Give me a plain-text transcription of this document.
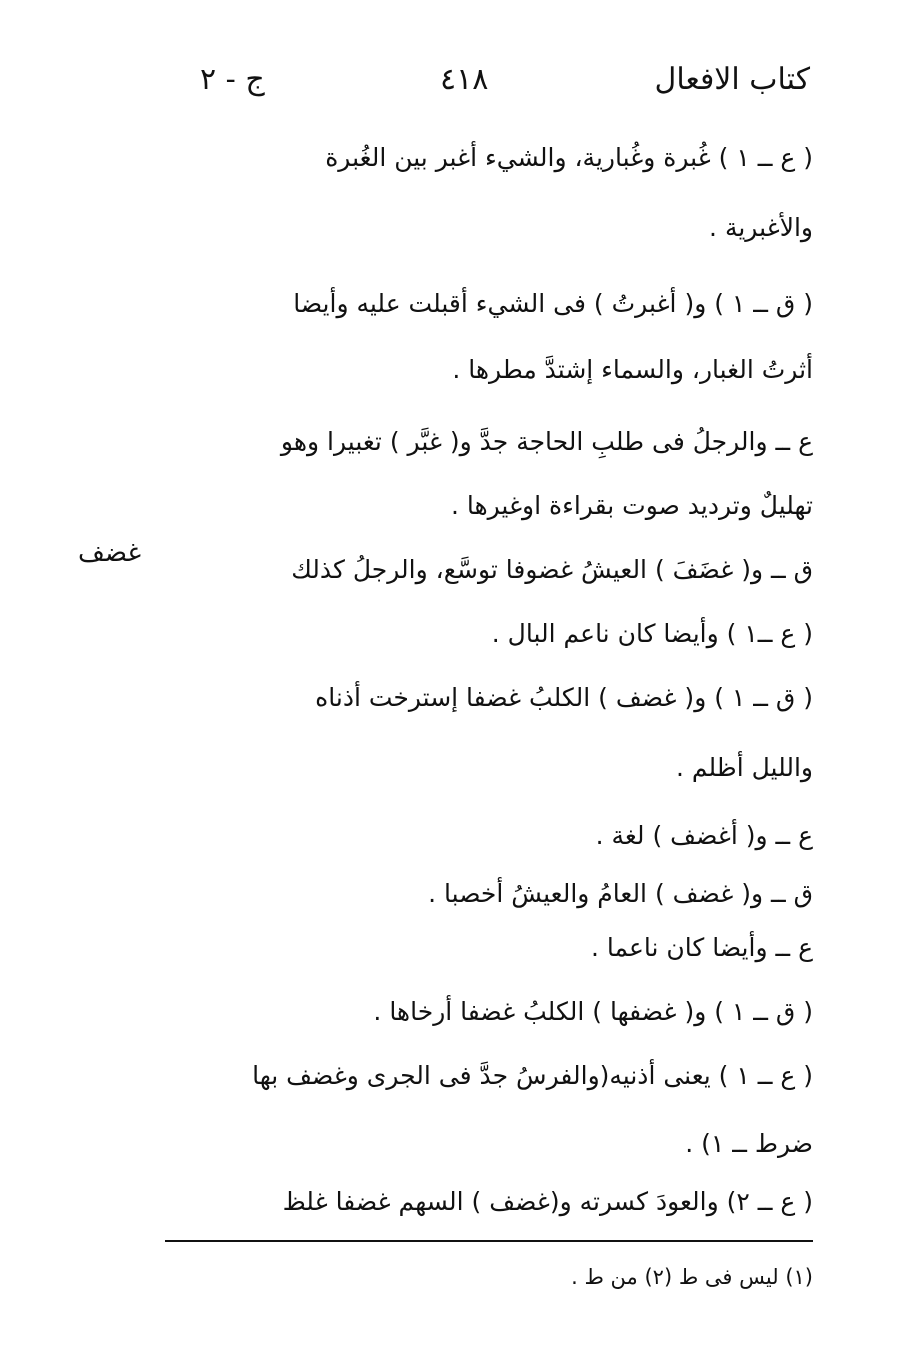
كتاب الافعال
٤١٨
ج - ٢
غضف
( ع ــ ١ ) غُبرة وغُبارية، والشيء أغبر بين الغُبرة
والأغبرية .
( ق ــ ١ ) و( أغبرتُ ) فى الشيء أقبلت عليه وأيضا
أثرتُ الغبار، والسماء إشتدَّ مطرها .
ع ــ والرجلُ فى طلبِ الحاجة جدَّ و( غبَّر ) تغبيرا وهو
تهليلٌ وترديد صوت بقراءة اوغيرها .
ق ــ و( غضَفَ ) العيشُ غضوفا توسَّع، والرجلُ كذلك
( ع ــ١ ) وأيضا كان ناعم البال .
( ق ــ ١ ) و( غضف ) الكلبُ غضفا إسترخت أذناه
والليل أظلم .
ع ــ و( أغضف ) لغة .
ق ــ و( غضف ) العامُ والعيشُ أخصبا .
ع ــ وأيضا كان ناعما .
( ق ــ ١ ) و( غضفها ) الكلبُ غضفا أرخاها .
( ع ــ ١ ) يعنى أذنيه(والفرسُ جدَّ فى الجرى وغضف بها
ضرط ــ ١) .
( ع ــ ٢) والعودَ كسرته و(غضف ) السهم غضفا غلظ
(١) ليس فى ط (٢) من ط .
